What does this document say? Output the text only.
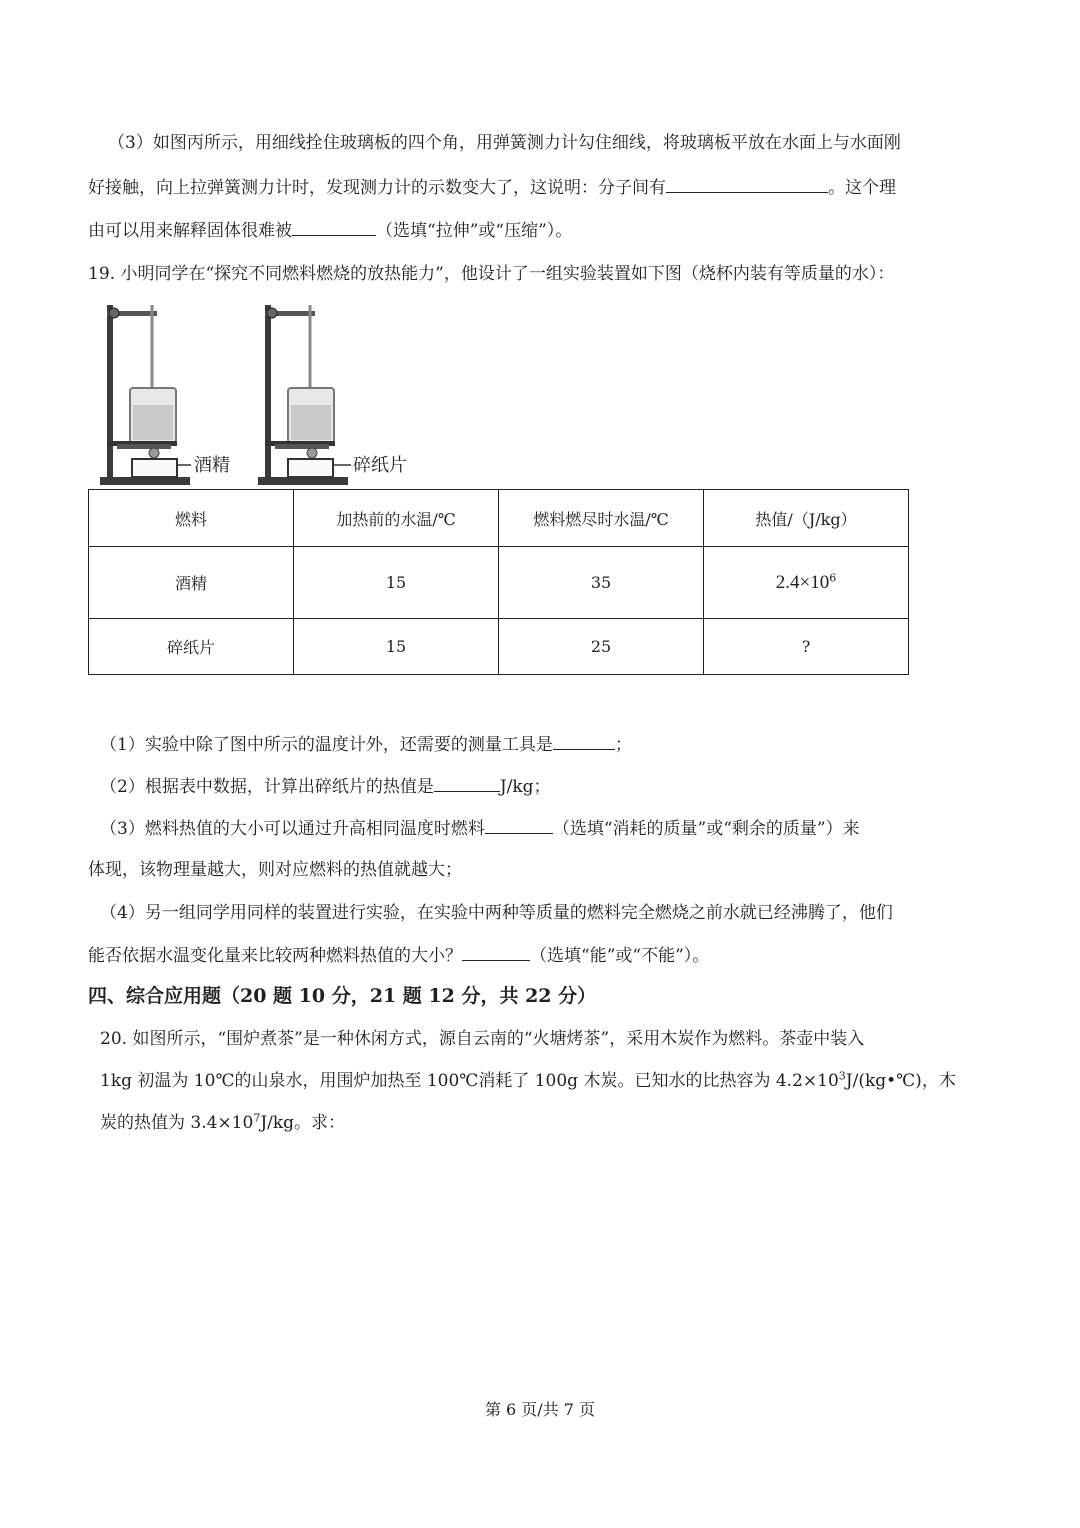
（3）如图丙所示，用细线拴住玻璃板的四个角，用弹簧测力计勾住细线，将玻璃板平放在水面上与水面刚
好接触，向上拉弹簧测力计时，发现测力计的示数变大了，这说明：分子间有	。这个理
由可以用来解释固体很难被	（选填“拉伸”或“压缩”）。
19. 小明同学在“探究不同燃料燃烧的放热能力”，他设计了一组实验装置如下图（烧杯内装有等质量的水）：
酒精	碎纸片
燃料	加热前的水温/℃	燃料燃尽时水温/℃	热值/（J/kg）
酒精	15	35	$2.4\times 10^6$
碎纸片	15	25	?
（1）实验中除了图中所示的温度计外，还需要的测量工具是	；
（2）根据表中数据，计算出碎纸片的热值是	J/kg；
（3）燃料热值的大小可以通过升高相同温度时燃料	（选填“消耗的质量”或“剩余的质量”）来
体现，该物理量越大，则对应燃料的热值就越大；
（4）另一组同学用同样的装置进行实验，在实验中两种等质量的燃料完全燃烧之前水就已经沸腾了，他们
能否依据水温变化量来比较两种燃料热值的大小？	（选填“能”或“不能”）。
四、综合应用题（20 题 10 分，21 题 12 分，共 22 分）
20. 如图所示，“围炉煮茶”是一种休闲方式，源自云南的“火塘烤茶”，采用木炭作为燃料。茶壶中装入
1kg 初温为 10℃的山泉水，用围炉加热至 100℃消耗了 100g 木炭。已知水的比热容为 $4.2\times 10^3J/(kg•℃)$，木
炭的热值为 $3.4\times 10^7J/kg$。求：
第 6 页/共 7 页
